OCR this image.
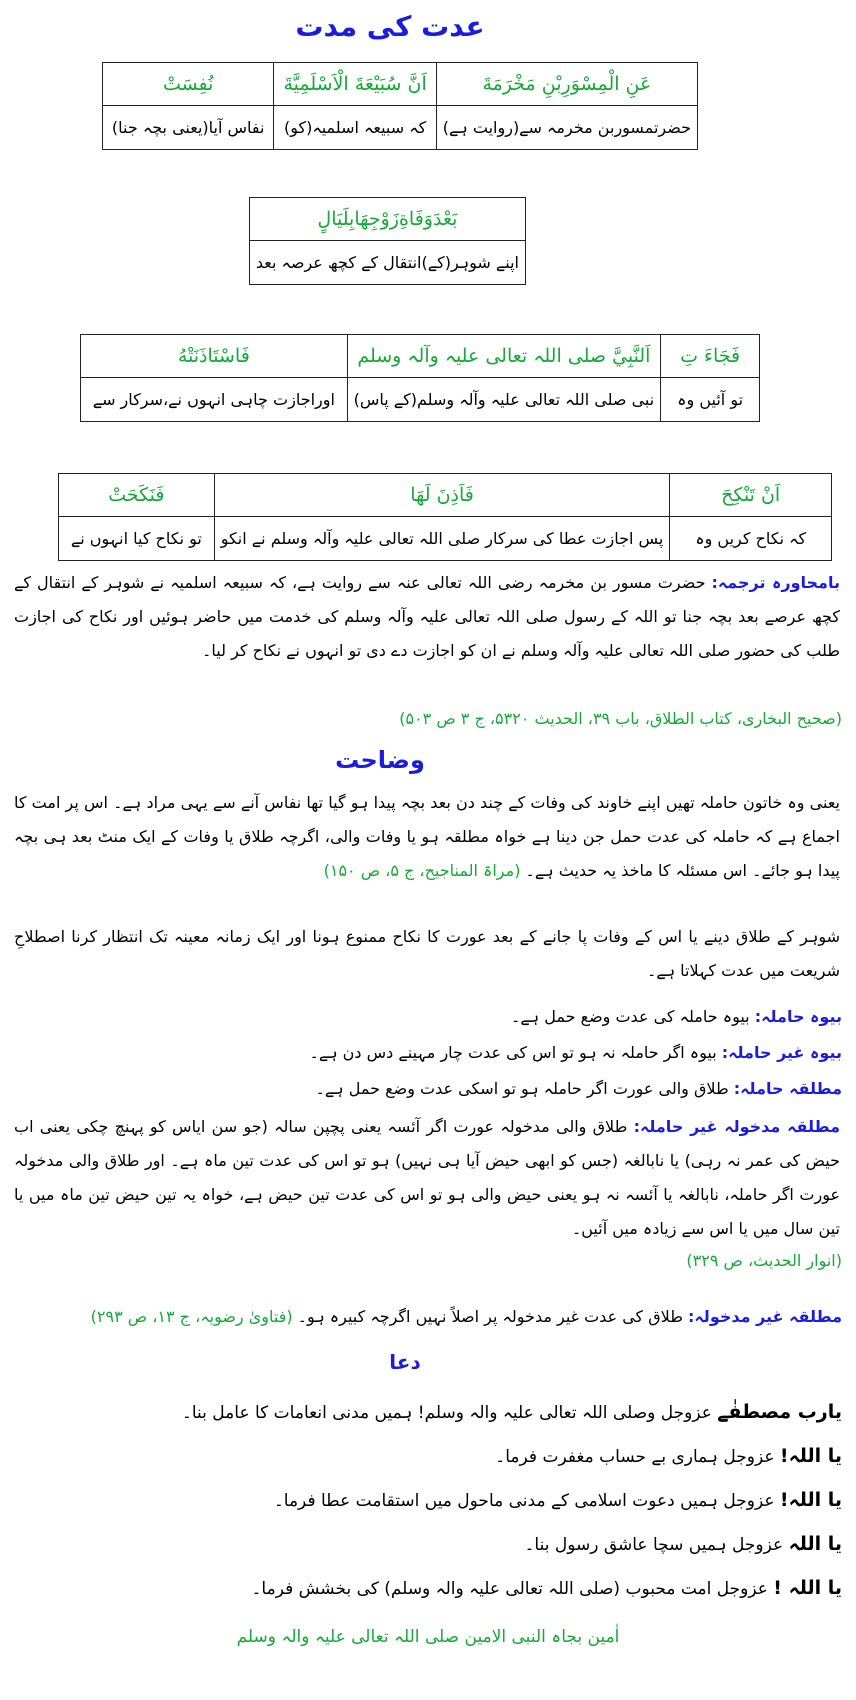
عدت کی مدت
عَنِ الْمِسْوَرِبْنِ مَخْرَمَةَ	اَنَّ سُبَيْعَةَ الْاَسْلَمِيَّةَ	نُفِسَتْ
حضرتمسوربن مخرمہ سے(روایت ہے)	کہ سبیعہ اسلمیہ(کو)	نفاس آیا(یعنی بچہ جنا)
بَعْدَوَفَاةِزَوْجِهَابِلَيَالٍ
اپنے شوہر(کے)انتقال کے کچھ عرصہ بعد
فَجَاءَ تِ	اَلنَّبِيَّ صلی اللہ تعالی علیہ وآلہ وسلم	فَاسْتَاذَنَتْهُ
تو آئیں وہ	نبی صلی اللہ تعالی علیہ وآلہ وسلم(کے پاس)	اوراجازت چاہی انہوں نے،سرکار سے
اَنْ تَنْكِحَ	فَاَذِنَ لَهَا	فَنَكَحَتْ
کہ نکاح کریں وہ	پس اجازت عطا کی سرکار صلی اللہ تعالی علیہ وآلہ وسلم نے انکو	تو نکاح کیا انہوں نے
بامحاورہ ترجمہ: حضرت مسور بن مخرمہ رضی اللہ تعالی عنہ سے روایت ہے، کہ سبیعہ اسلمیہ نے شوہر کے انتقال کے کچھ عرصے بعد بچہ جنا تو اللہ کے رسول صلی اللہ تعالی علیہ وآلہ وسلم کی خدمت میں حاضر ہوئیں اور نکاح کی اجازت طلب کی حضور صلی اللہ تعالی علیہ وآلہ وسلم نے ان کو اجازت دے دی تو انہوں نے نکاح کر لیا۔
(صحیح البخاری، کتاب الطلاق، باب ۳۹، الحدیث ۵۳۲۰، ج ۳ ص ۵۰۳)
وضاحت
یعنی وہ خاتون حاملہ تھیں اپنے خاوند کی وفات کے چند دن بعد بچہ پیدا ہو گیا تھا نفاس آنے سے یہی مراد ہے۔ اس پر امت کا اجماع ہے کہ حاملہ کی عدت حمل جن دینا ہے خواہ مطلقہ ہو یا وفات والی، اگرچہ طلاق یا وفات کے ایک منٹ بعد ہی بچہ پیدا ہو جائے۔ اس مسئلہ کا ماخذ یہ حدیث ہے۔ (مراۃ المناجیح، ج ۵، ص ۱۵۰)
شوہر کے طلاق دینے یا اس کے وفات پا جانے کے بعد عورت کا نکاح ممنوع ہونا اور ایک زمانہ معینہ تک انتظار کرنا اصطلاحِ شریعت میں عدت کہلاتا ہے۔
بیوہ حاملہ: بیوہ حاملہ کی عدت وضع حمل ہے۔
بیوہ غیر حاملہ: بیوہ اگر حاملہ نہ ہو تو اس کی عدت چار مہینے دس دن ہے۔
مطلقہ حاملہ: طلاق والی عورت اگر حاملہ ہو تو اسکی عدت وضع حمل ہے۔
مطلقہ مدخولہ غیر حاملہ: طلاق والی مدخولہ عورت اگر آئسہ یعنی پچپن سالہ (جو سن ایاس کو پہنچ چکی یعنی اب حیض کی عمر نہ رہی) یا نابالغہ (جس کو ابھی حیض آیا ہی نہیں) ہو تو اس کی عدت تین ماہ ہے۔ اور طلاق والی مدخولہ عورت اگر حاملہ، نابالغہ یا آئسہ نہ ہو یعنی حیض والی ہو تو اس کی عدت تین حیض ہے، خواہ یہ تین حیض تین ماہ میں یا تین سال میں یا اس سے زیادہ میں آئیں۔
(انوار الحدیث، ص ۳۲۹)
مطلقہ غیر مدخولہ: طلاق کی عدت غیر مدخولہ پر اصلاً نہیں اگرچہ کبیرہ ہو۔ (فتاویٰ رضویہ، ج ۱۳، ص ۲۹۳)
دعا
یارب مصطفٰے عزوجل وصلی اللہ تعالی علیہ والہ وسلم! ہمیں مدنی انعامات کا عامل بنا۔
یا اللہ! عزوجل ہماری بے حساب مغفرت فرما۔
یا اللہ! عزوجل ہمیں دعوت اسلامی کے مدنی ماحول میں استقامت عطا فرما۔
یا اللہ عزوجل ہمیں سچا عاشق رسول بنا۔
یا اللہ ! عزوجل امت محبوب (صلی اللہ تعالی علیہ والہ وسلم) کی بخشش فرما۔
اٰمین بجاہ النبی الامین صلی اللہ تعالی علیہ والہ وسلم
